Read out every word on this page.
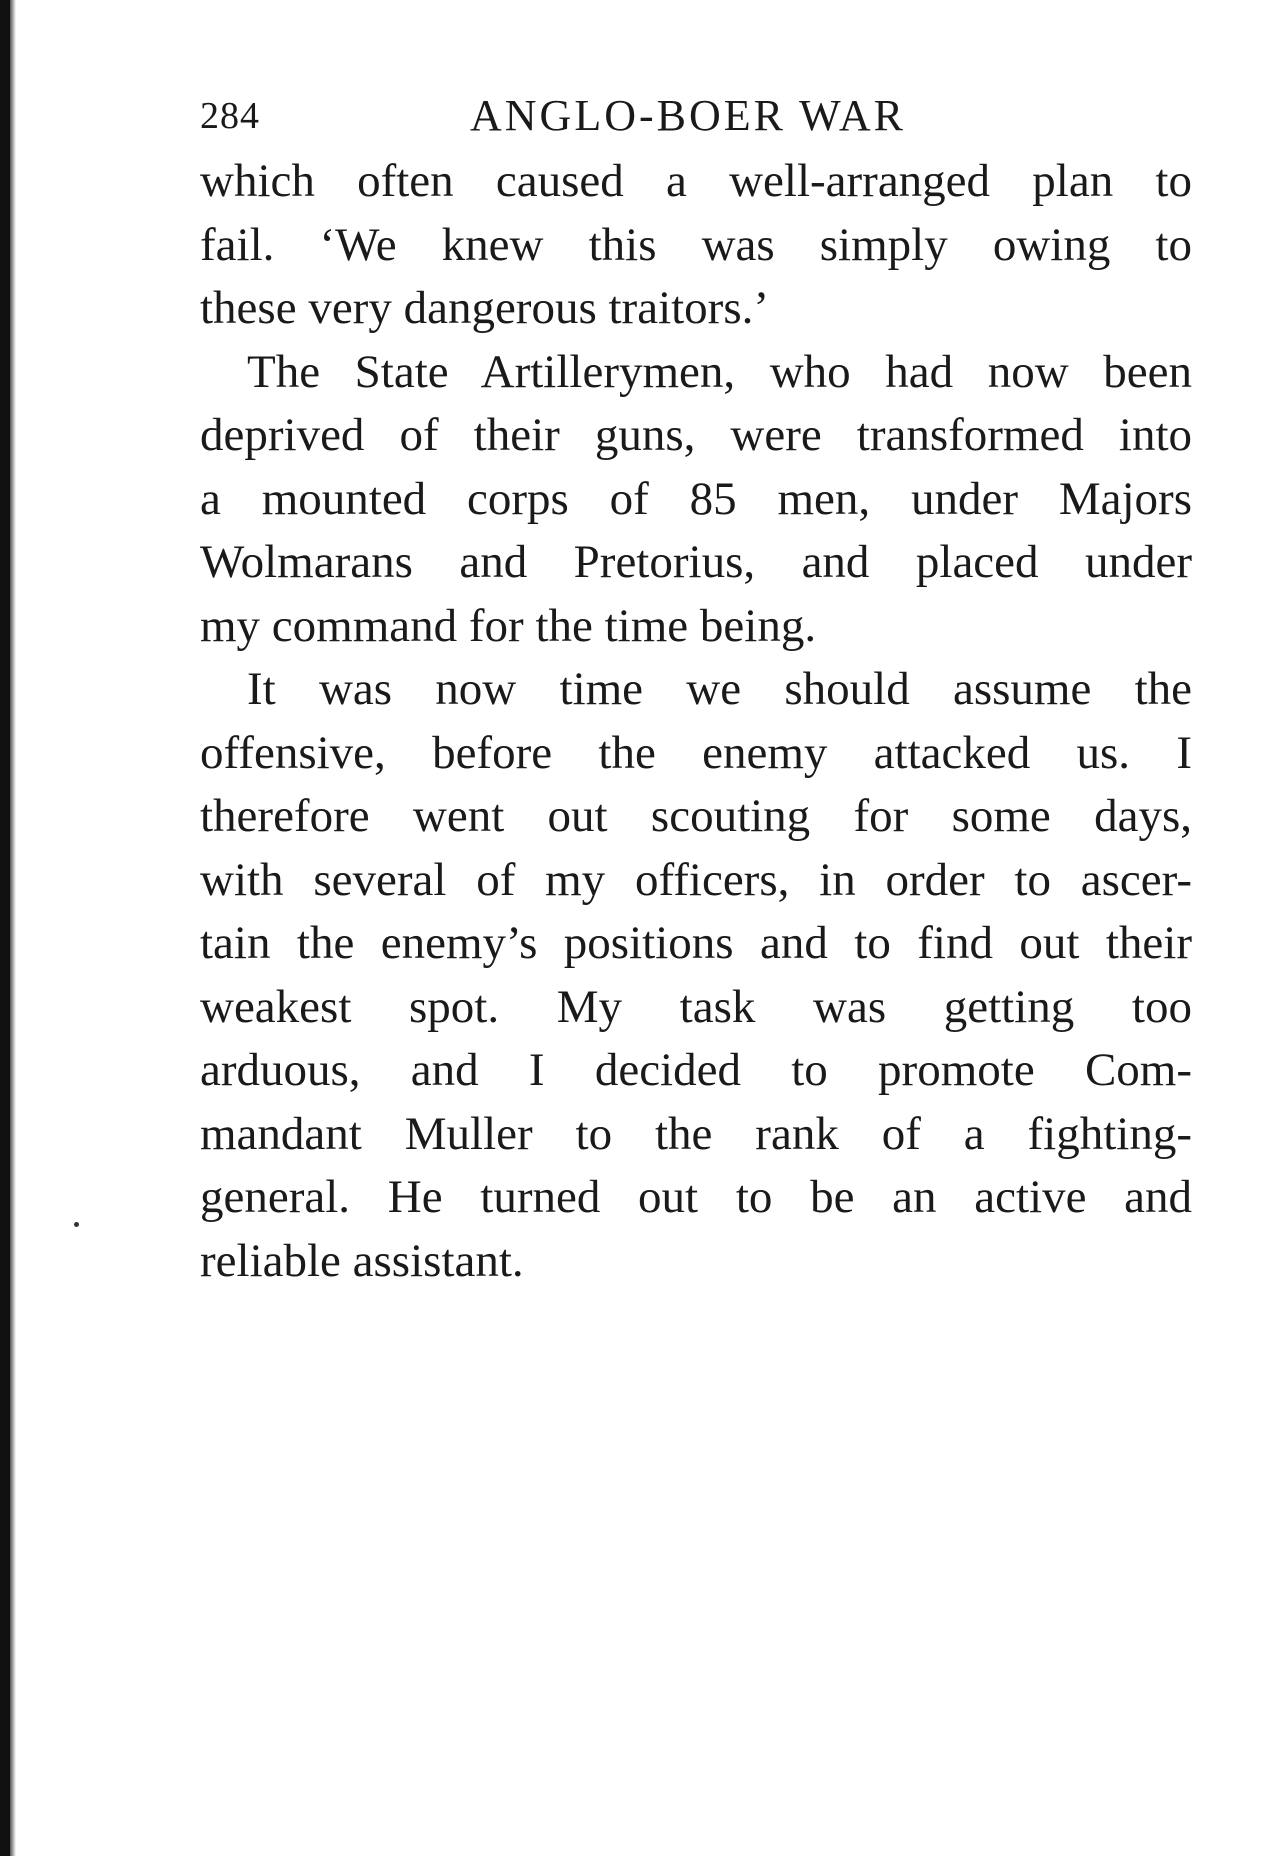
284	ANGLO-BOER WAR

which often caused a well-arranged plan to

fail. ‘We knew this was simply owing to

these very dangerous traitors.’

The State Artillerymen, who had now been

deprived of their guns, were transformed into

a mounted corps of 85 men, under Majors

Wolmarans and Pretorius, and placed under

my command for the time being.

It was now time we should assume the

offensive, before the enemy attacked us. I

therefore went out scouting for some days,

with several of my officers, in order to ascer-

tain the enemy’s positions and to find out their

weakest spot. My task was getting too

arduous, and I decided to promote Com-

mandant Muller to the rank of a fighting-

general. He turned out to be an active and

reliable assistant.
